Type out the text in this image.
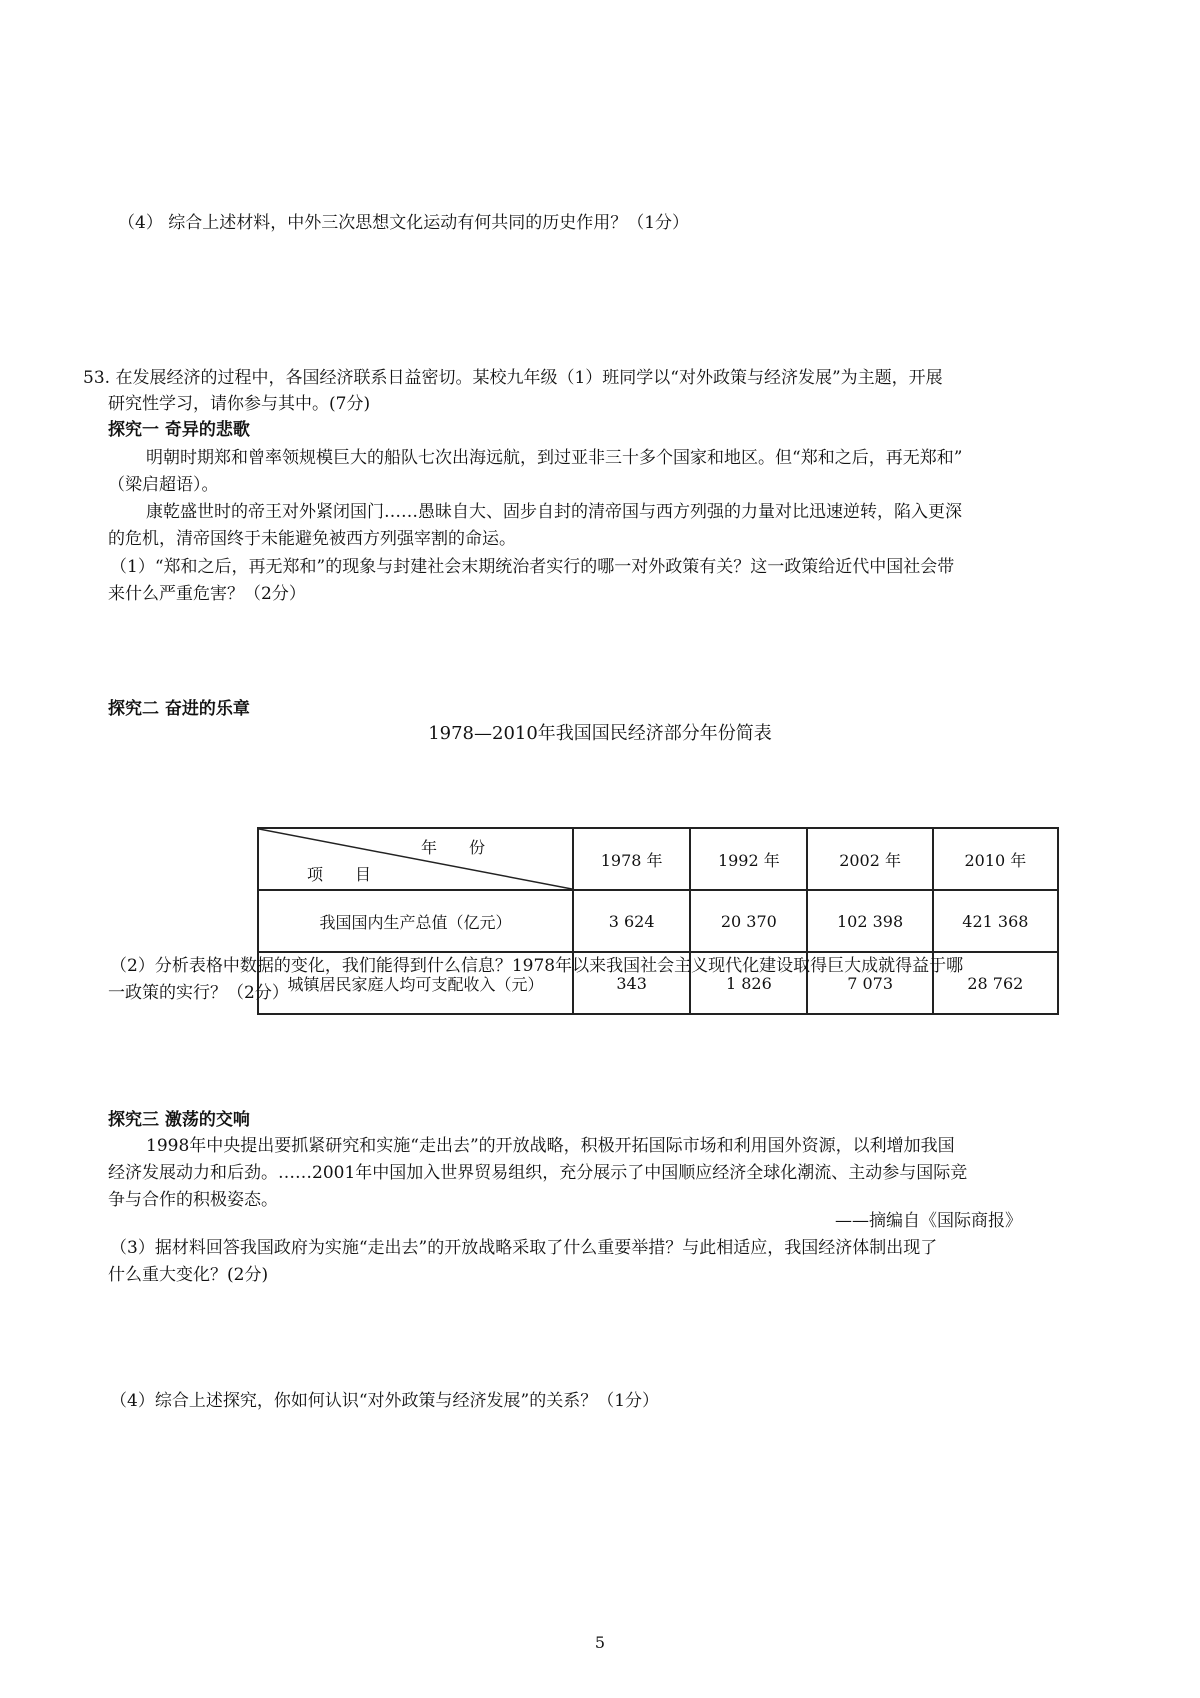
（4） 综合上述材料，中外三次思想文化运动有何共同的历史作用？（1分）
53. 在发展经济的过程中，各国经济联系日益密切。某校九年级（1）班同学以“对外政策与经济发展”为主题，开展
研究性学习，请你参与其中。(7分)
探究一 奇异的悲歌
明朝时期郑和曾率领规模巨大的船队七次出海远航，到过亚非三十多个国家和地区。但“郑和之后，再无郑和”
（梁启超语）。
康乾盛世时的帝王对外紧闭国门……愚昧自大、固步自封的清帝国与西方列强的力量对比迅速逆转，陷入更深
的危机，清帝国终于未能避免被西方列强宰割的命运。
（1）“郑和之后，再无郑和”的现象与封建社会末期统治者实行的哪一对外政策有关？这一政策给近代中国社会带
来什么严重危害？（2分）
探究二 奋进的乐章
1978—2010年我国国民经济部分年份简表
年份
项目	1978 年	1992 年	2002 年	2010 年
我国国内生产总值（亿元）	3 624	20 370	102 398	421 368
城镇居民家庭人均可支配收入（元）	343	1 826	7 073	28 762
（2）分析表格中数据的变化，我们能得到什么信息？1978年以来我国社会主义现代化建设取得巨大成就得益于哪
一政策的实行？（2分）
探究三 激荡的交响
1998年中央提出要抓紧研究和实施“走出去”的开放战略，积极开拓国际市场和利用国外资源，以利增加我国
经济发展动力和后劲。……2001年中国加入世界贸易组织，充分展示了中国顺应经济全球化潮流、主动参与国际竞
争与合作的积极姿态。
——摘编自《国际商报》
（3）据材料回答我国政府为实施“走出去”的开放战略采取了什么重要举措？与此相适应，我国经济体制出现了
什么重大变化？(2分)
（4）综合上述探究，你如何认识“对外政策与经济发展”的关系？（1分）
5
